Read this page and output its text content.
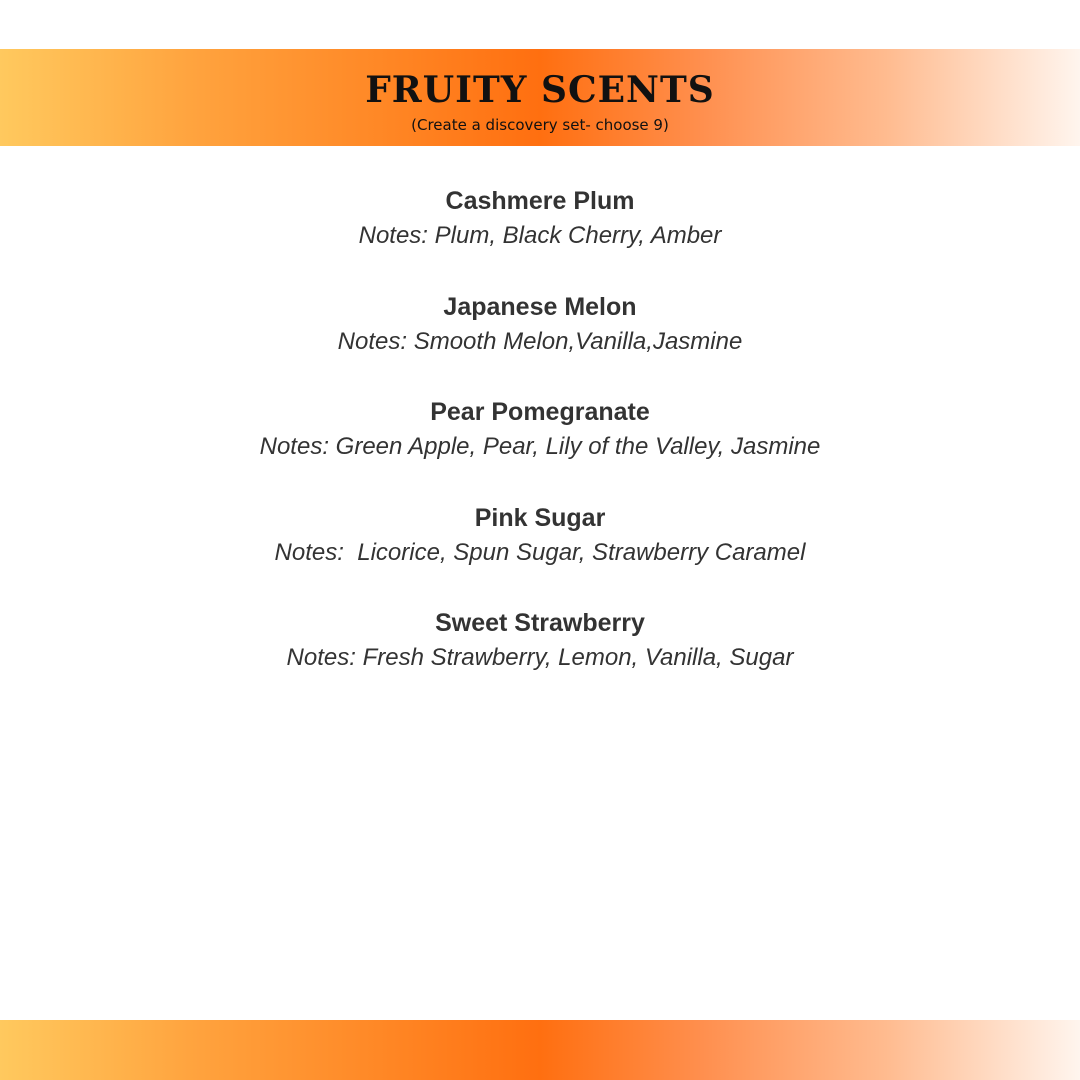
FRUITY SCENTS
(Create a discovery set- choose 9)
Cashmere Plum
Notes: Plum, Black Cherry, Amber
Japanese Melon
Notes: Smooth Melon,Vanilla,Jasmine
Pear Pomegranate
Notes: Green Apple, Pear, Lily of the Valley, Jasmine
Pink Sugar
Notes:  Licorice, Spun Sugar, Strawberry Caramel
Sweet Strawberry
Notes: Fresh Strawberry, Lemon, Vanilla, Sugar
